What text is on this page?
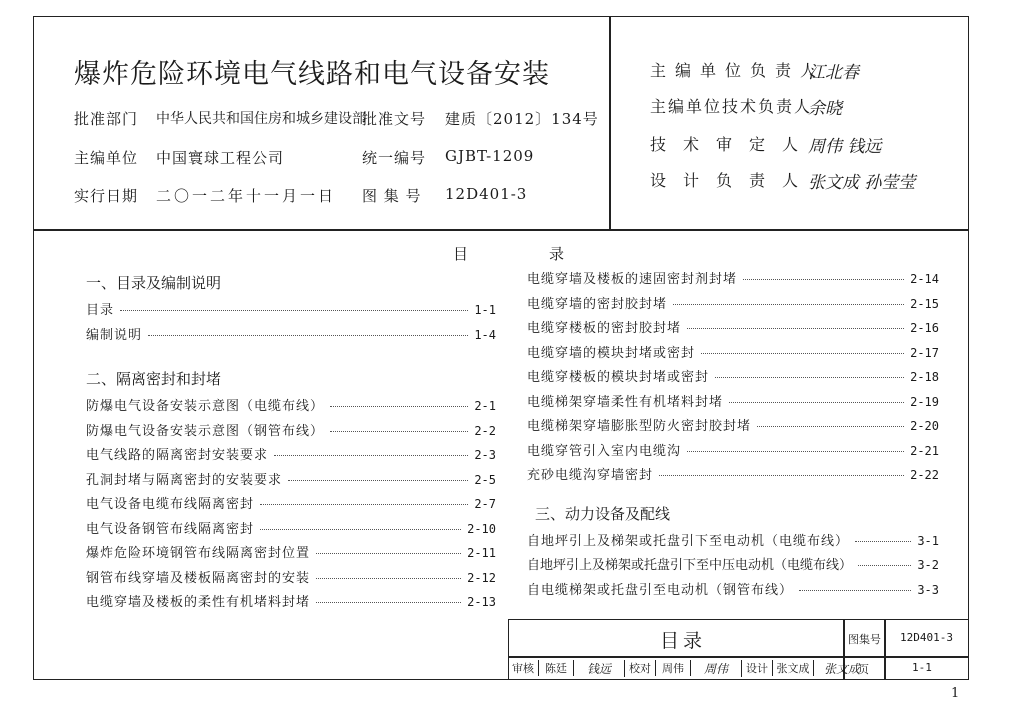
爆炸危险环境电气线路和电气设备安装
批准部门 中华人民共和国住房和城乡建设部
批准文号 建质〔2012〕134号
主编单位 中国寰球工程公司	统一编号 GJBT-1209
实行日期 二〇一二年十一月一日 图 集 号 12D401-3
主编单位负责人
江北春
主编单位技术负责人
余晓
技术审定人
周伟 钱远
设计负责人
张文成 孙莹莹
目	录
一、目录及编制说明
目录	1-1
编制说明	1-4
二、隔离密封和封堵
防爆电气设备安装示意图（电缆布线）	2-1
防爆电气设备安装示意图（钢管布线）	2-2
电气线路的隔离密封安装要求	2-3
孔洞封堵与隔离密封的安装要求	2-5
电气设备电缆布线隔离密封	2-7
电气设备钢管布线隔离密封	2-10
爆炸危险环境钢管布线隔离密封位置	2-11
钢管布线穿墙及楼板隔离密封的安装	2-12
电缆穿墙及楼板的柔性有机堵料封堵	2-13
电缆穿墙及楼板的速固密封剂封堵	2-14
电缆穿墙的密封胶封堵	2-15
电缆穿楼板的密封胶封堵	2-16
电缆穿墙的模块封堵或密封	2-17
电缆穿楼板的模块封堵或密封	2-18
电缆梯架穿墙柔性有机堵料封堵	2-19
电缆梯架穿墙膨胀型防火密封胶封堵	2-20
电缆穿管引入室内电缆沟	2-21
充砂电缆沟穿墙密封	2-22
三、动力设备及配线
自地坪引上及梯架或托盘引下至电动机（电缆布线）	3-1
自地坪引上及梯架或托盘引下至中压电动机（电缆布线）	3-2
自电缆梯架或托盘引至电动机（钢管布线）	3-3
目录	图集号 12D401-3
审核	陈廷	钱远	校对	周伟	周伟	设计 张文成	张文成
页	1-1
1
